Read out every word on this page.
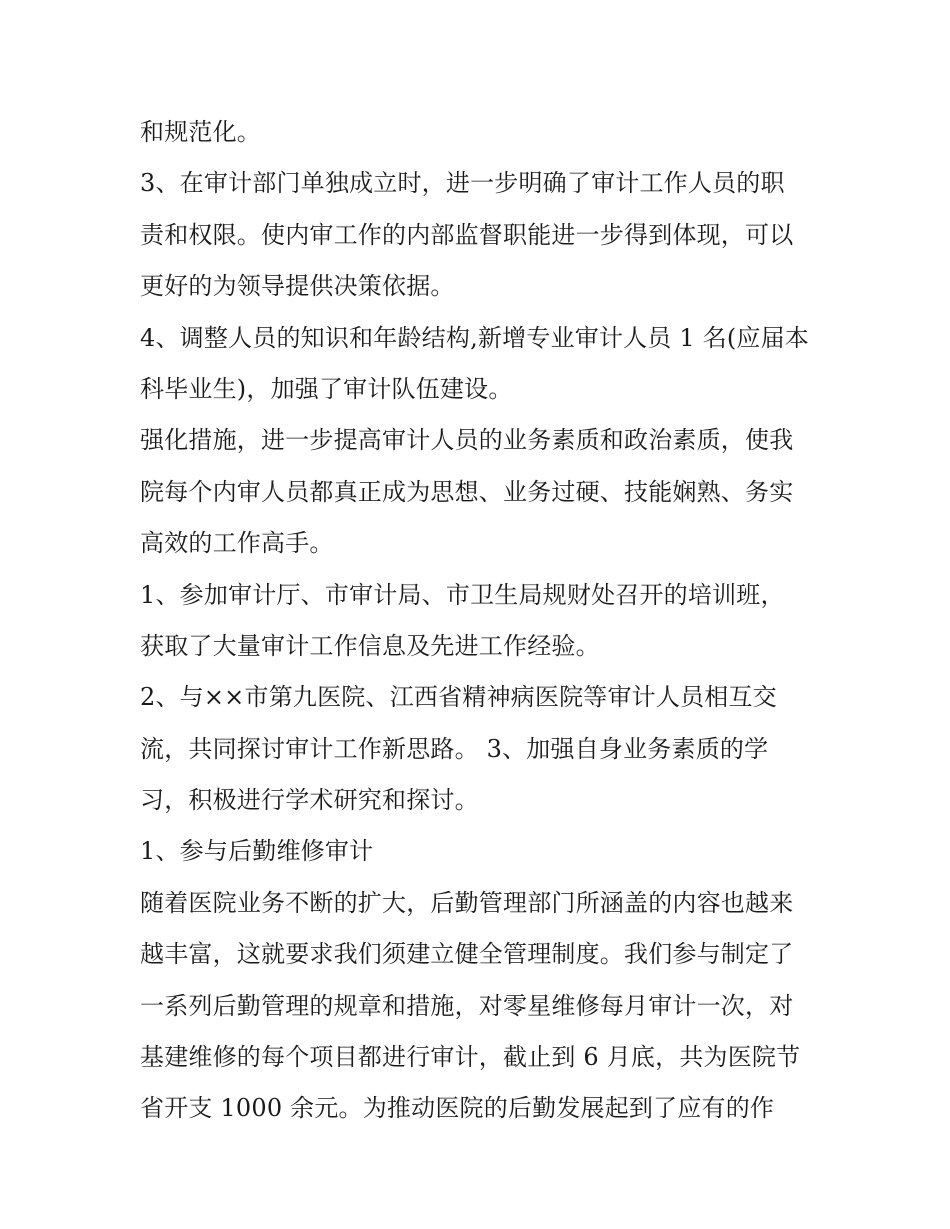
和规范化。
3、在审计部门单独成立时，进一步明确了审计工作人员的职
责和权限。使内审工作的内部监督职能进一步得到体现，可以
更好的为领导提供决策依据。
4、调整人员的知识和年龄结构,新增专业审计人员 1 名(应届本
科毕业生)，加强了审计队伍建设。
强化措施，进一步提高审计人员的业务素质和政治素质，使我
院每个内审人员都真正成为思想、业务过硬、技能娴熟、务实
高效的工作高手。
1、参加审计厅、市审计局、市卫生局规财处召开的培训班，
获取了大量审计工作信息及先进工作经验。
2、与××市第九医院、江西省精神病医院等审计人员相互交
流，共同探讨审计工作新思路。 3、加强自身业务素质的学
习，积极进行学术研究和探讨。
1、参与后勤维修审计
随着医院业务不断的扩大，后勤管理部门所涵盖的内容也越来
越丰富，这就要求我们须建立健全管理制度。我们参与制定了
一系列后勤管理的规章和措施，对零星维修每月审计一次，对
基建维修的每个项目都进行审计，截止到 6 月底，共为医院节
省开支 1000 余元。为推动医院的后勤发展起到了应有的作
